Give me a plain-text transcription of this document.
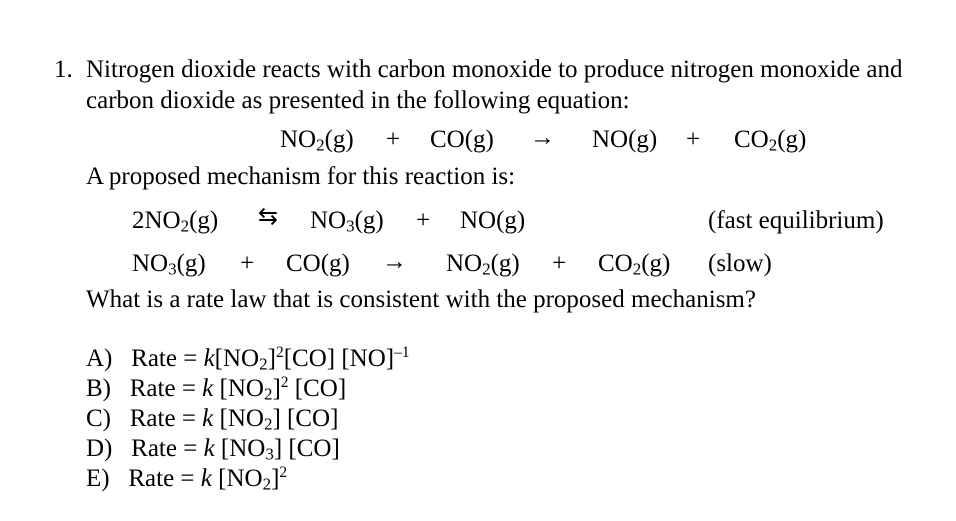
1. Nitrogen dioxide reacts with carbon monoxide to produce nitrogen monoxide and
carbon dioxide as presented in the following equation:
$NO_2(g) + CO(g) \to NO(g) + CO_2(g)$
A proposed mechanism for this reaction is:
$2NO_2(g)$ ⇆ $NO_3(g) + NO(g)$	(fast equilibrium)
$NO_3(g) + CO(g) \to NO_2(g) + CO_2(g)$ (slow)
What is a rate law that is consistent with the proposed mechanism?
A) Rate = $k[NO_2]^2[CO]$ [NO]$^{-1}$
B) Rate = k $[NO_2]^2$ [CO]
C) Rate = k $[NO_2]$ [CO]
D) Rate = k $[NO_3]$ [CO]
E) Rate = k $[NO_2]^2$
